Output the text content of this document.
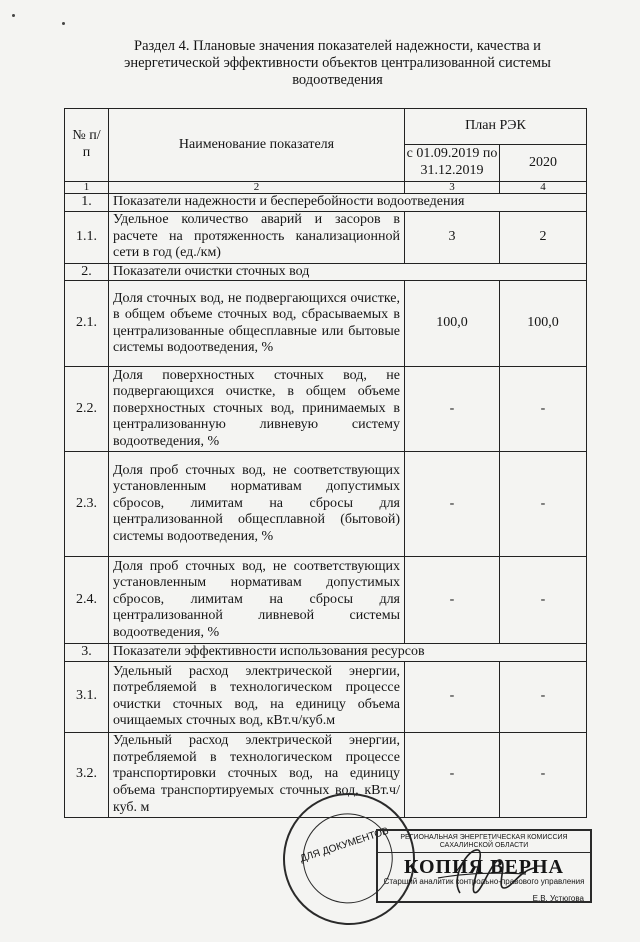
Раздел 4. Плановые значения показателей надежности, качества и энергетической эффективности объектов централизованной системы водоотведения
№ п/п	Наименование показателя	План РЭК	
		с 01.09.2019 по 31.12.2019	2020
1	2	3	4
1.	Показатели надежности и бесперебойности водоотведения		
1.1.	Удельное количество аварий и засоров в расчете на протяженность канализационной сети в год (ед./км)	3	2
2.	Показатели очистки сточных вод		
2.1.	Доля сточных вод, не подвергающихся очистке, в общем объеме сточных вод, сбрасываемых в централизованные общесплавные или бытовые системы водоотведения, %	100,0	100,0
2.2.	Доля поверхностных сточных вод, не подвергающихся очистке, в общем объеме поверхностных сточных вод, принимаемых в централизованную ливневую систему водоотведения, %	-	-
2.3.	Доля проб сточных вод, не соответствующих установленным нормативам допустимых сбросов, лимитам на сбросы для централизованной общесплавной (бытовой) системы водоотведения, %	-	-
2.4.	Доля проб сточных вод, не соответствующих установленным нормативам допустимых сбросов, лимитам на сбросы для централизованной ливневой системы водоотведения, %	-	-
3.	Показатели эффективности использования ресурсов		
3.1.	Удельный расход электрической энергии, потребляемой в технологическом процессе очистки сточных вод, на единицу объема очищаемых сточных вод, кВт.ч/куб.м	-	-
3.2.	Удельный расход электрической энергии, потребляемой в технологическом процессе транспортировки сточных вод, на единицу объема транспортируемых сточных вод, кВт.ч/куб. м	-	-
ДЛЯ ДОКУМЕНТОВ	РЕГИОНАЛЬНАЯ ЭНЕРГЕТИЧЕСКАЯ КОМИССИЯ САХАЛИНСКОЙ ОБЛАСТИ
КОПИЯ ВЕРНА
Старший аналитик контрольно-правового управления
Е.В. Устюгова
